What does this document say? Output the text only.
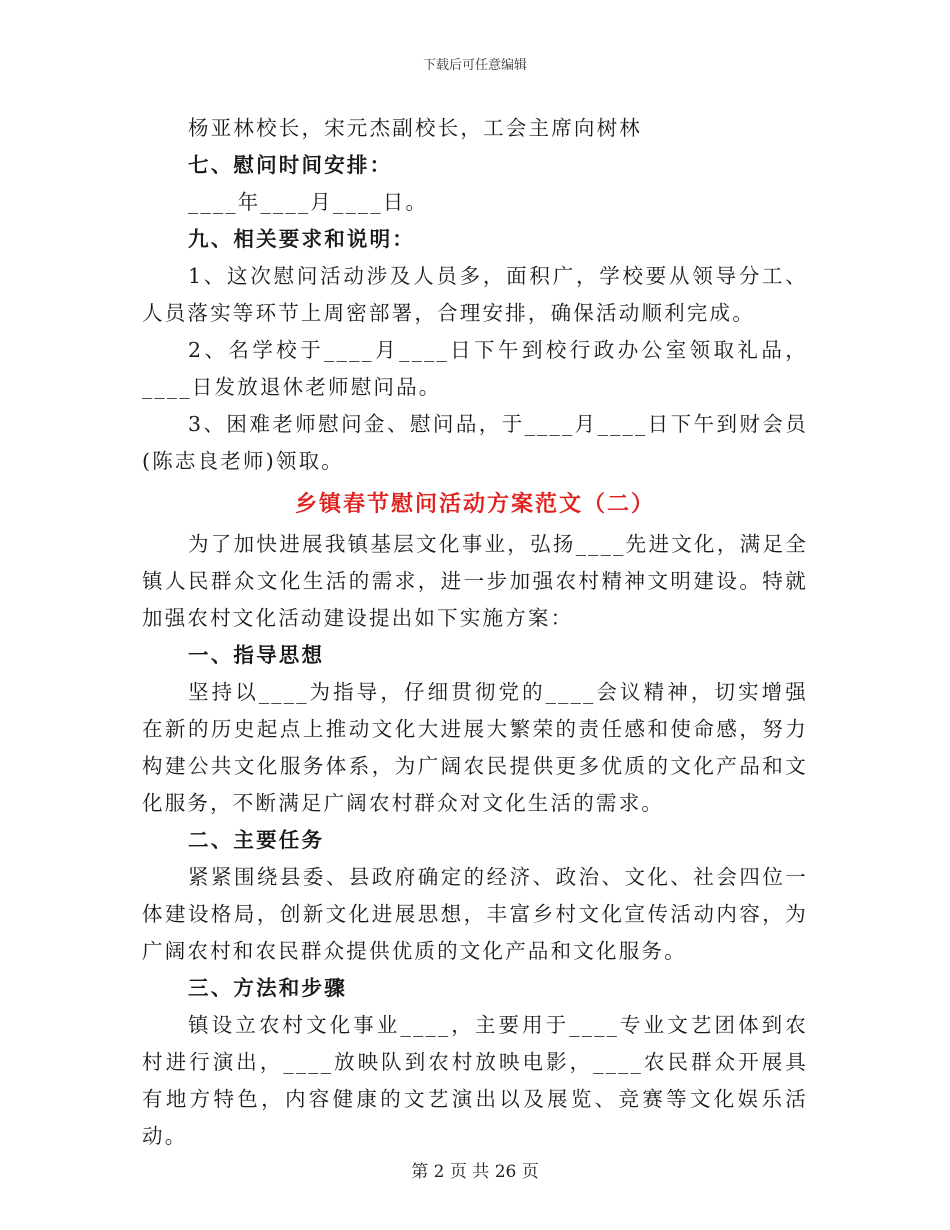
下载后可任意编辑

杨亚林校长，宋元杰副校长，工会主席向树林

七、慰问时间安排：

____年____月____日。

九、相关要求和说明：

1、这次慰问活动涉及人员多，面积广，学校要从领导分工、人员落实等环节上周密部署，合理安排，确保活动顺利完成。

2、名学校于____月____日下午到校行政办公室领取礼品，____日发放退休老师慰问品。

3、困难老师慰问金、慰问品，于____月____日下午到财会员(陈志良老师)领取。

乡镇春节慰问活动方案范文（二）

为了加快进展我镇基层文化事业，弘扬____先进文化，满足全镇人民群众文化生活的需求，进一步加强农村精神文明建设。特就加强农村文化活动建设提出如下实施方案：

一、指导思想

坚持以____为指导，仔细贯彻党的____会议精神，切实增强在新的历史起点上推动文化大进展大繁荣的责任感和使命感，努力构建公共文化服务体系，为广阔农民提供更多优质的文化产品和文化服务，不断满足广阔农村群众对文化生活的需求。

二、主要任务

紧紧围绕县委、县政府确定的经济、政治、文化、社会四位一体建设格局，创新文化进展思想，丰富乡村文化宣传活动内容，为广阔农村和农民群众提供优质的文化产品和文化服务。

三、方法和步骤

镇设立农村文化事业____，主要用于____专业文艺团体到农村进行演出，____放映队到农村放映电影，____农民群众开展具有地方特色，内容健康的文艺演出以及展览、竞赛等文化娱乐活动。

第 2 页 共 26 页
